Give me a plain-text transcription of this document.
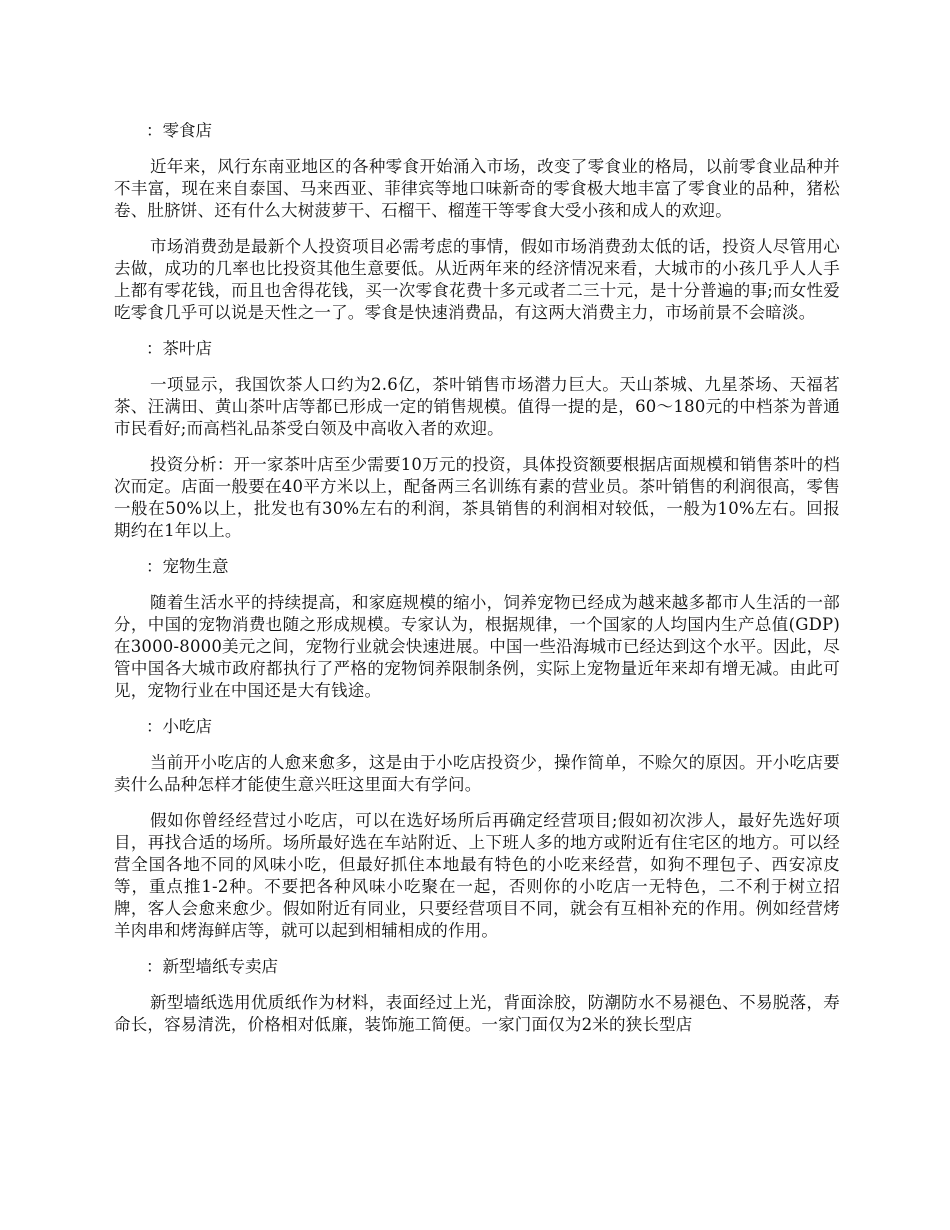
：零食店

近年来，风行东南亚地区的各种零食开始涌入市场，改变了零食业的格局，以前零食业品种并不丰富，现在来自泰国、马来西亚、菲律宾等地口味新奇的零食极大地丰富了零食业的品种，猪松卷、肚脐饼、还有什么大树菠萝干、石榴干、榴莲干等零食大受小孩和成人的欢迎。

市场消费劲是最新个人投资项目必需考虑的事情，假如市场消费劲太低的话，投资人尽管用心去做，成功的几率也比投资其他生意要低。从近两年来的经济情况来看，大城市的小孩几乎人人手上都有零花钱，而且也舍得花钱，买一次零食花费十多元或者二三十元，是十分普遍的事;而女性爱吃零食几乎可以说是天性之一了。零食是快速消费品，有这两大消费主力，市场前景不会暗淡。

：茶叶店

一项显示，我国饮茶人口约为2.6亿，茶叶销售市场潜力巨大。天山茶城、九星茶场、天福茗茶、汪满田、黄山茶叶店等都已形成一定的销售规模。值得一提的是，60～180元的中档茶为普通市民看好;而高档礼品茶受白领及中高收入者的欢迎。

投资分析：开一家茶叶店至少需要10万元的投资，具体投资额要根据店面规模和销售茶叶的档次而定。店面一般要在40平方米以上，配备两三名训练有素的营业员。茶叶销售的利润很高，零售一般在50%以上，批发也有30%左右的利润，茶具销售的利润相对较低，一般为10%左右。回报期约在1年以上。

：宠物生意

随着生活水平的持续提高，和家庭规模的缩小，饲养宠物已经成为越来越多都市人生活的一部分，中国的宠物消费也随之形成规模。专家认为，根据规律，一个国家的人均国内生产总值(GDP)在3000-8000美元之间，宠物行业就会快速进展。中国一些沿海城市已经达到这个水平。因此，尽管中国各大城市政府都执行了严格的宠物饲养限制条例，实际上宠物量近年来却有增无减。由此可见，宠物行业在中国还是大有钱途。

：小吃店

当前开小吃店的人愈来愈多，这是由于小吃店投资少，操作简单，不赊欠的原因。开小吃店要卖什么品种怎样才能使生意兴旺这里面大有学问。

假如你曾经经营过小吃店，可以在选好场所后再确定经营项目;假如初次涉人，最好先选好项目，再找合适的场所。场所最好选在车站附近、上下班人多的地方或附近有住宅区的地方。可以经营全国各地不同的风味小吃，但最好抓住本地最有特色的小吃来经营，如狗不理包子、西安凉皮等，重点推1-2种。不要把各种风味小吃聚在一起，否则你的小吃店一无特色，二不利于树立招牌，客人会愈来愈少。假如附近有同业，只要经营项目不同，就会有互相补充的作用。例如经营烤羊肉串和烤海鲜店等，就可以起到相辅相成的作用。

：新型墙纸专卖店

新型墙纸选用优质纸作为材料，表面经过上光，背面涂胶，防潮防水不易褪色、不易脱落，寿命长，容易清洗，价格相对低廉，装饰施工简便。一家门面仅为2米的狭长型店
